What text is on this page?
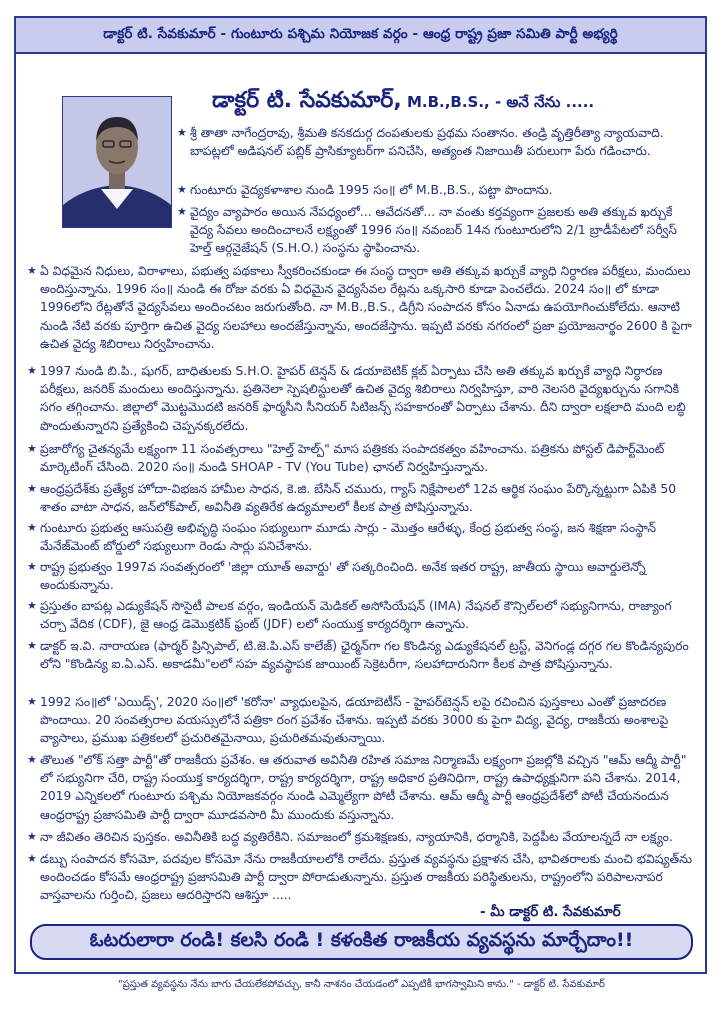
డాక్టర్ టి. సేవకుమార్ - గుంటూరు పశ్చిమ నియోజక వర్గం - ఆంధ్ర రాష్ట్ర ప్రజా సమితి పార్టీ అభ్యర్థి
డాక్టర్ టి. సేవకుమార్, M.B.,B.S., - అనే నేను .....

★ శ్రీ తాతా నాగేంద్రరావు, శ్రీమతి కనకదుర్గ దంపతులకు ప్రథమ సంతానం. తండ్రి వృత్తిరీత్యా న్యాయవాది. బాపట్లలో అడిషనల్ పబ్లిక్ ప్రాసిక్యూటర్‌గా పనిచేసి, అత్యంత నిజాయితీ పరులుగా పేరు గడించారు.

★ గుంటూరు వైద్యకళాశాల నుండి 1995 సం॥ లో M.B.,B.S., పట్టా పొందాను.

★ వైద్యం వ్యాపారం అయిన నేపధ్యంలో... ఆవేదనతో... నా వంతు కర్తవ్యంగా ప్రజలకు అతి తక్కువ ఖర్చుకే వైద్య సేవలు అందించాలనే లక్ష్యంతో 1996 సం॥ నవంబర్ 14న గుంటూరులోని 2/1 బ్రాడీపేటలో సర్వీస్ హెల్త్ ఆర్గనైజేషన్ (S.H.O.) సంస్థను స్థాపించాను.

★ ఏ విధమైన నిధులు, విరాళాలు, పభుత్వ పథకాలు స్వీకరించకుండా ఈ సంస్థ ద్వారా అతి తక్కువ ఖర్చుకే వ్యాధి నిర్ధారణ పరీక్షలు, మందులు అందిస్తున్నాను. 1996 సం॥ నుండి ఈ రోజు వరకు ఏ విధమైన వైద్యసేవల రేట్లను ఒక్కసారి కూడా పెంచలేదు. 2024 సం॥ లో కూడా 1996లోని రేట్లతోనే వైద్యసేవలు అందించటం జరుగుతోంది. నా M.B.,B.S., డిగ్రీని సంపాదన కోసం ఏనాడు ఉపయోగించుకోలేదు. ఆనాటి నుండి నేటి వరకు పూర్తిగా ఉచిత వైద్య సలహాలు అందజేస్తున్నాను, అందజేస్తాను. ఇప్పటి వరకు నగరంలో ప్రజా ప్రయోజనార్థం 2600 కి పైగా ఉచిత వైద్య శిబిరాలు నిర్వహించాను.

★ 1997 నుండి బి.పి., షుగర్, బాధితులకు S.H.O. హైపర్ టెన్షన్ & డయాబెటిక్ క్లబ్ ఏర్పాటు చేసి అతి తక్కువ ఖర్చుకే వ్యాధి నిర్ధారణ పరీక్షలు, జనరిక్ మందులు అందిస్తున్నాను. ప్రతినెలా స్పెషలిస్టులతో ఉచిత వైద్య శిబిరాలు నిర్వహిస్తూ, వారి నెలసరి వైద్యఖర్చును సగానికి సగం తగ్గించాను. జిల్లాలో మొట్టమొదటి జనరిక్ ఫార్మసీని సీనియర్ సిటిజన్స్ సహకారంతో ఏర్పాటు చేశాను. దీని ద్వారా లక్షలాది మంది లబ్ధి పొందుతున్నారని ప్రత్యేకించి చెప్పనక్కరలేదు.

★ ప్రజారోగ్య చైతన్యమే లక్ష్యంగా 11 సంవత్సరాలు "హెల్త్ హెల్ప్" మాస పత్రికకు సంపాదకత్వం వహించాను. పత్రికను పోస్టల్ డిపార్ట్‌మెంట్ మార్కెటింగ్ చేసింది. 2020 సం॥ నుండి SHOAP - TV (You Tube) ఛానల్ నిర్వహిస్తున్నాను.

★ ఆంధ్రప్రదేశ్‌కు ప్రత్యేక హోదా-విభజన హామీల సాధన, కె.జి. బేసిన్ చమురు, గ్యాస్ నిక్షేపాలలో 12వ ఆర్థిక సంఘం పేర్కొన్నట్టుగా ఏపికి 50 శాతం వాటా సాధన, జన్‌లోక్‌పాల్, అవినీతి వ్యతిరేక ఉద్యమాలలో కీలక పాత్ర పోషిస్తున్నాను.

★ గుంటూరు ప్రభుత్వ ఆసుపత్రి అభివృద్ధి సంఘం సభ్యులుగా మూడు సార్లు - మొత్తం ఆరేళ్ళు, కేంద్ర ప్రభుత్వ సంస్థ, జన శిక్షణా సంస్థాన్ మేనేజ్‌మెంట్ బోర్డులో సభ్యులుగా రెండు సార్లు పనిచేశాను.

★ రాష్ట్ర ప్రభుత్వం 1997వ సంవత్సరంలో 'జిల్లా యూత్ అవార్డు' తో సత్కరించింది. అనేక ఇతర రాష్ట్ర, జాతీయ స్థాయి అవార్డులెన్నో అందుకున్నాను.

★ ప్రస్తుతం బాపట్ల ఎడ్యుకేషన్ సొసైటీ పాలక వర్గం, ఇండియన్ మెడికల్ అసోసియేషన్ (IMA) నేషనల్ కౌన్సిల్‌లలో సభ్యునిగాను, రాజ్యాంగ చర్చా వేదిక (CDF), జై ఆంధ్ర డెమొక్రటిక్ ఫ్రంట్ (JDF) లలో సంయుక్త కార్యదర్శిగా ఉన్నాను.

★ డాక్టర్ ఇ.వి. నారాయణ (ఫార్మర్ ప్రిన్సిపాల్, టి.జె.పి.ఎస్ కాలేజ్) ఛైర్మన్‌గా గల కొండిన్య ఎడ్యుకేషనల్ ట్రస్ట్, వెనిగండ్ల దగ్గర గల కొండిన్యపురం లోని "కొండిన్య ఐ.ఏ.ఎస్. అకాడమీ"లలో సహ వ్యవస్థాపక జాయింట్ సెక్రెటరీగా, సలహాదారునిగా కీలక పాత్ర పోషిస్తున్నాను.

★ 1992 సం॥లో 'ఎయిడ్స్', 2020 సం॥లో 'కరోనా' వ్యాధులపైన, డయాబెటీస్ - హైపర్‌టెన్షన్ లపై రచించిన పుస్తకాలు ఎంతో ప్రజాదరణ పొందాయి. 20 సంవత్సరాల వయస్సులోనే పత్రికా రంగ ప్రవేశం చేశాను. ఇప్పటి వరకు 3000 కు పైగా విద్య, వైద్య, రాజకీయ అంశాలపై వ్యాసాలు, ప్రముఖ పత్రికలలో ప్రచురితమైనాయి, ప్రచురితమవుతున్నాయి.

★ తొలుత "లోక్ సత్తా పార్టీ"తో రాజకీయ ప్రవేశం. ఆ తరువాత అవినీతి రహిత సమాజ నిర్మాణమే లక్ష్యంగా ప్రజల్లోకి వచ్చిన "ఆమ్ ఆద్మీ పార్టీ" లో సభ్యునిగా చేరి, రాష్ట్ర సంయుక్త కార్యదర్శిగా, రాష్ట్ర కార్యదర్శిగా, రాష్ట్ర అధికార ప్రతినిధిగా, రాష్ట్ర ఉపాధ్యక్షునిగా పని చేశాను. 2014, 2019 ఎన్నికలలో గుంటూరు పశ్చిమ నియోజకవర్గం నుండి ఎమ్మెల్యేగా పోటీ చేశాను. ఆమ్ ఆద్మీ పార్టీ ఆంధ్రప్రదేశ్‌లో పోటీ చేయనందున ఆంధ్రరాష్ట్ర ప్రజాసమితి పార్టీ ద్వారా మూడవసారి మీ ముందుకు వస్తున్నాను.

★ నా జీవితం తెరిచిన పుస్తకం. అవినీతికి బద్ధ వ్యతిరేకిని. సమాజంలో క్రమశిక్షణకు, న్యాయానికి, ధర్మానికి, పెద్దపీట వేయాలన్నదే నా లక్ష్యం.

★ డబ్బు సంపాదన కోసమో, పదవుల కోసమో నేను రాజకీయాలలోకి రాలేదు. ప్రస్తుత వ్యవస్థను ప్రక్షాళన చేసి, భావితరాలకు మంచి భవిష్యత్‌ను అందించడం కోసమే ఆంధ్రరాష్ట్ర ప్రజాసమితి పార్టీ ద్వారా పోరాడుతున్నాను. ప్రస్తుత రాజకీయ పరిస్థితులను, రాష్ట్రంలోని పరిపాలనాపర వాస్తవాలను గుర్తించి, ప్రజలు ఆదరిస్తారని ఆశిస్తూ .....

- మీ డాక్టర్ టి. సేవకుమార్
ఓటరులారా రండి! కలసి రండి ! కళంకిత రాజకీయ వ్యవస్థను మార్చేదాం!!
"ప్రస్తుత వ్యవస్థను నేను బాగు చేయలేకపోవచ్చు, కానీ నాశనం చేయడంలో ఎప్పటికీ భాగస్వామిని కాను." - డాక్టర్ టి. సేవకుమార్
